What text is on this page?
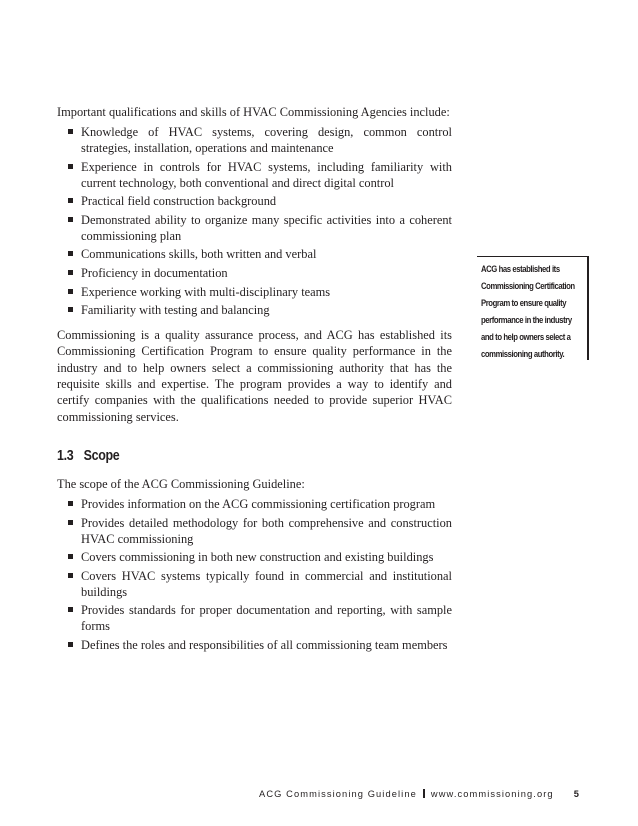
Important qualifications and skills of HVAC Commissioning Agencies include:

Knowledge of HVAC systems, covering design, common control strategies, installation, operations and maintenance
Experience in controls for HVAC systems, including familiarity with current technology, both conventional and direct digital control
Practical field construction background
Demonstrated ability to organize many specific activities into a coherent commissioning plan
Communications skills, both written and verbal
Proficiency in documentation
Experience working with multi-disciplinary teams
Familiarity with testing and balancing

Commissioning is a quality assurance process, and ACG has established its Commissioning Certification Program to ensure quality performance in the industry and to help owners select a commissioning authority that has the requisite skills and expertise. The program provides a way to identify and certify companies with the qualifications needed to provide superior HVAC commissioning services.

1.3 Scope

The scope of the ACG Commissioning Guideline:

Provides information on the ACG commissioning certification program
Provides detailed methodology for both comprehensive and construction HVAC commissioning
Covers commissioning in both new construction and existing buildings
Covers HVAC systems typically found in commercial and institutional buildings
Provides standards for proper documentation and reporting, with sample forms
Defines the roles and responsibilities of all commissioning team members
ACG has established its
Commissioning Certification
Program to ensure quality
performance in the industry
and to help owners select a
commissioning authority.
ACG Commissioning Guideline www.commissioning.org 5
